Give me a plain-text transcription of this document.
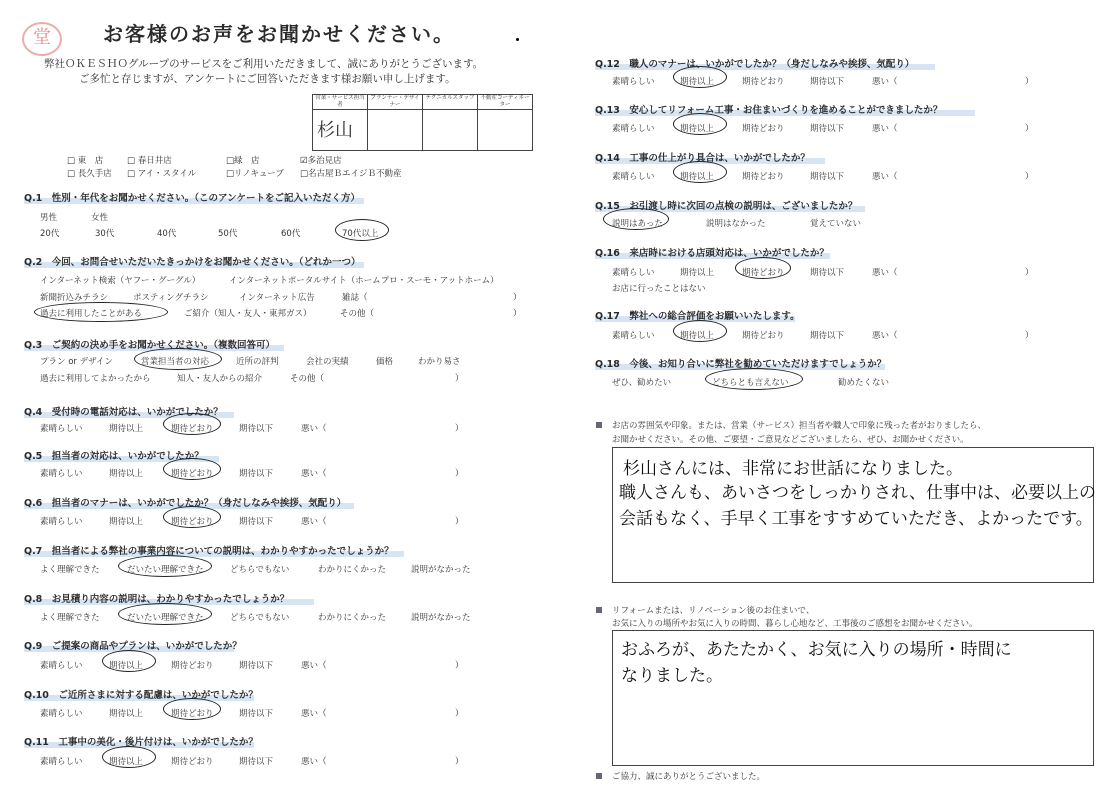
堂	お客様のお声をお聞かせください。
弊社ＯＫＥＳＨＯグループのサービスをご利用いただきまして、誠にありがとうございます。
ご多忙と存じますが、アンケートにご回答いただきます様お願い申し上げます。
営業・サービス担当者	プランナー・デザイナー	テクニカルスタッフ	不動産コーディネーター

杉山			

□ 東　店	□ 春日井店	□緑　店	☑多治見店
□ 長久手店 □ アイ・スタイル	□リノキューブ □名古屋ＢエイジＢ不動産
Q.1　性別・年代をお聞かせください。（このアンケートをご記入いただく方）
男性	女性
20代	30代	40代	50代	60代	70代以上
Q.2　今回、お問合せいただいたきっかけをお聞かせください。（どれか一つ）
インターネット検索（ヤフー・グーグル）	インターネットポータルサイト（ホームプロ・スーモ・アットホーム）
新聞折込みチラシ	ポスティングチラシ	インターネット広告	雑誌（	）
過去に利用したことがある	ご紹介（知人・友人・東邦ガス）	その他（	）
Q.3　ご契約の決め手をお聞かせください。（複数回答可）
プラン or デザイン	営業担当者の対応	近所の評判	会社の実績	価格	わかり易さ
過去に利用してよかったから	知人・友人からの紹介	その他（	）
Q.4　受付時の電話対応は、いかがでしたか？
素晴らしい	期待以上	期待どおり	期待以下	悪い（	）
Q.5　担当者の対応は、いかがでしたか？
素晴らしい	期待以上	期待どおり	期待以下	悪い（	）
Q.6　担当者のマナーは、いかがでしたか？（身だしなみや挨拶、気配り）
素晴らしい	期待以上	期待どおり	期待以下	悪い（	）
Q.7　担当者による弊社の事業内容についての説明は、わかりやすかったでしょうか？
よく理解できた	だいたい理解できた	どちらでもない	わかりにくかった	説明がなかった
Q.8　お見積り内容の説明は、わかりやすかったでしょうか？
よく理解できた	だいたい理解できた	どちらでもない	わかりにくかった	説明がなかった
Q.9　ご提案の商品やプランは、いかがでしたか？
素晴らしい	期待以上	期待どおり	期待以下	悪い（	）
Q.10　ご近所さまに対する配慮は、いかがでしたか？
素晴らしい	期待以上	期待どおり	期待以下	悪い（	）
Q.11　工事中の美化・後片付けは、いかがでしたか？
素晴らしい	期待以上	期待どおり	期待以下	悪い（	）
Q.12　職人のマナーは、いかがでしたか？（身だしなみや挨拶、気配り）
素晴らしい	期待以上	期待どおり	期待以下	悪い（	）
Q.13　安心してリフォーム工事・お住まいづくりを進めることができましたか？
素晴らしい	期待以上	期待どおり	期待以下	悪い（	）
Q.14　工事の仕上がり具合は、いかがでしたか？
素晴らしい	期待以上	期待どおり	期待以下	悪い（	）
Q.15　お引渡し時に次回の点検の説明は、ございましたか？
説明はあった	説明はなかった	覚えていない
Q.16　来店時における店頭対応は、いかがでしたか？
素晴らしい	期待以上	期待どおり	期待以下	悪い（	）
お店に行ったことはない
Q.17　弊社への総合評価をお願いいたします。
素晴らしい	期待以上	期待どおり	期待以下	悪い（	）
Q.18　今後、お知り合いに弊社を勧めていただけますでしょうか？
ぜひ、勧めたい	どちらとも言えない	勧めたくない
お店の雰囲気や印象。または、営業（サービス）担当者や職人で印象に残った者がおりましたら、
お聞かせください。その他、ご要望・ご意見などございましたら、ぜひ、お聞かせください。
杉山さんには、非常にお世話になりました。
職人さんも、あいさつをしっかりされ、仕事中は、必要以上の
会話もなく、手早く工事をすすめていただき、よかったです。
リフォームまたは、リノベーション後のお住まいで、
お気に入りの場所やお気に入りの時間、暮らし心地など、工事後のご感想をお聞かせください。
おふろが、あたたかく、お気に入りの場所・時間に
なりました。
ご協力、誠にありがとうございました。
